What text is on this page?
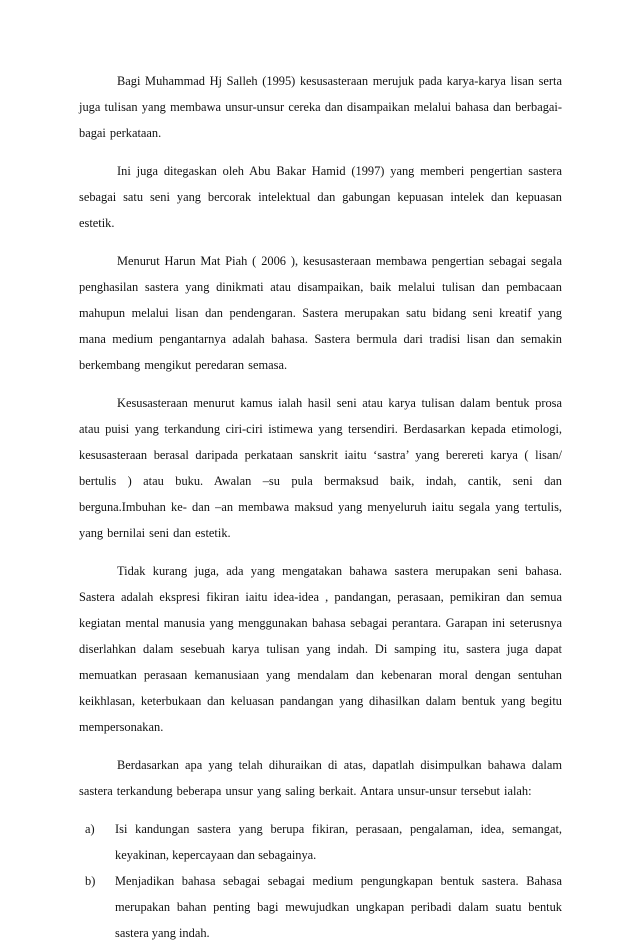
Bagi Muhammad Hj Salleh (1995) kesusasteraan merujuk pada karya-karya lisan serta juga tulisan yang membawa unsur-unsur cereka dan disampaikan melalui bahasa dan berbagai-bagai perkataan.

Ini juga ditegaskan oleh Abu Bakar Hamid (1997) yang memberi pengertian sastera sebagai satu seni yang bercorak intelektual dan gabungan kepuasan intelek dan kepuasan estetik.

Menurut Harun Mat Piah ( 2006 ), kesusasteraan membawa pengertian sebagai segala penghasilan sastera yang dinikmati atau disampaikan, baik melalui tulisan dan pembacaan mahupun melalui lisan dan pendengaran. Sastera merupakan satu bidang seni kreatif yang mana medium pengantarnya adalah bahasa. Sastera bermula dari tradisi lisan dan semakin berkembang mengikut peredaran semasa.

Kesusasteraan menurut kamus ialah hasil seni atau karya tulisan dalam bentuk prosa atau puisi yang terkandung ciri-ciri istimewa yang tersendiri. Berdasarkan kepada etimologi, kesusasteraan berasal daripada perkataan sanskrit iaitu ‘sastra’ yang berereti karya ( lisan/ bertulis ) atau buku. Awalan –su pula bermaksud baik, indah, cantik, seni dan berguna.Imbuhan ke- dan –an membawa maksud yang menyeluruh iaitu segala yang tertulis, yang bernilai seni dan estetik.

Tidak kurang juga, ada yang mengatakan bahawa sastera merupakan seni bahasa. Sastera adalah ekspresi fikiran iaitu idea-idea , pandangan, perasaan, pemikiran dan semua kegiatan mental manusia yang menggunakan bahasa sebagai perantara. Garapan ini seterusnya diserlahkan dalam sesebuah karya tulisan yang indah. Di samping itu, sastera juga dapat memuatkan perasaan kemanusiaan yang mendalam dan kebenaran moral dengan sentuhan keikhlasan, keterbukaan dan keluasan pandangan yang dihasilkan dalam bentuk yang begitu mempersonakan.

Berdasarkan apa yang telah dihuraikan di atas, dapatlah disimpulkan bahawa dalam sastera terkandung beberapa unsur yang saling berkait. Antara unsur-unsur tersebut ialah:

a) Isi kandungan sastera yang berupa fikiran, perasaan, pengalaman, idea, semangat, keyakinan, kepercayaan dan sebagainya.
b) Menjadikan bahasa sebagai sebagai medium pengungkapan bentuk sastera. Bahasa merupakan bahan penting bagi mewujudkan ungkapan peribadi dalam suatu bentuk sastera yang indah.
